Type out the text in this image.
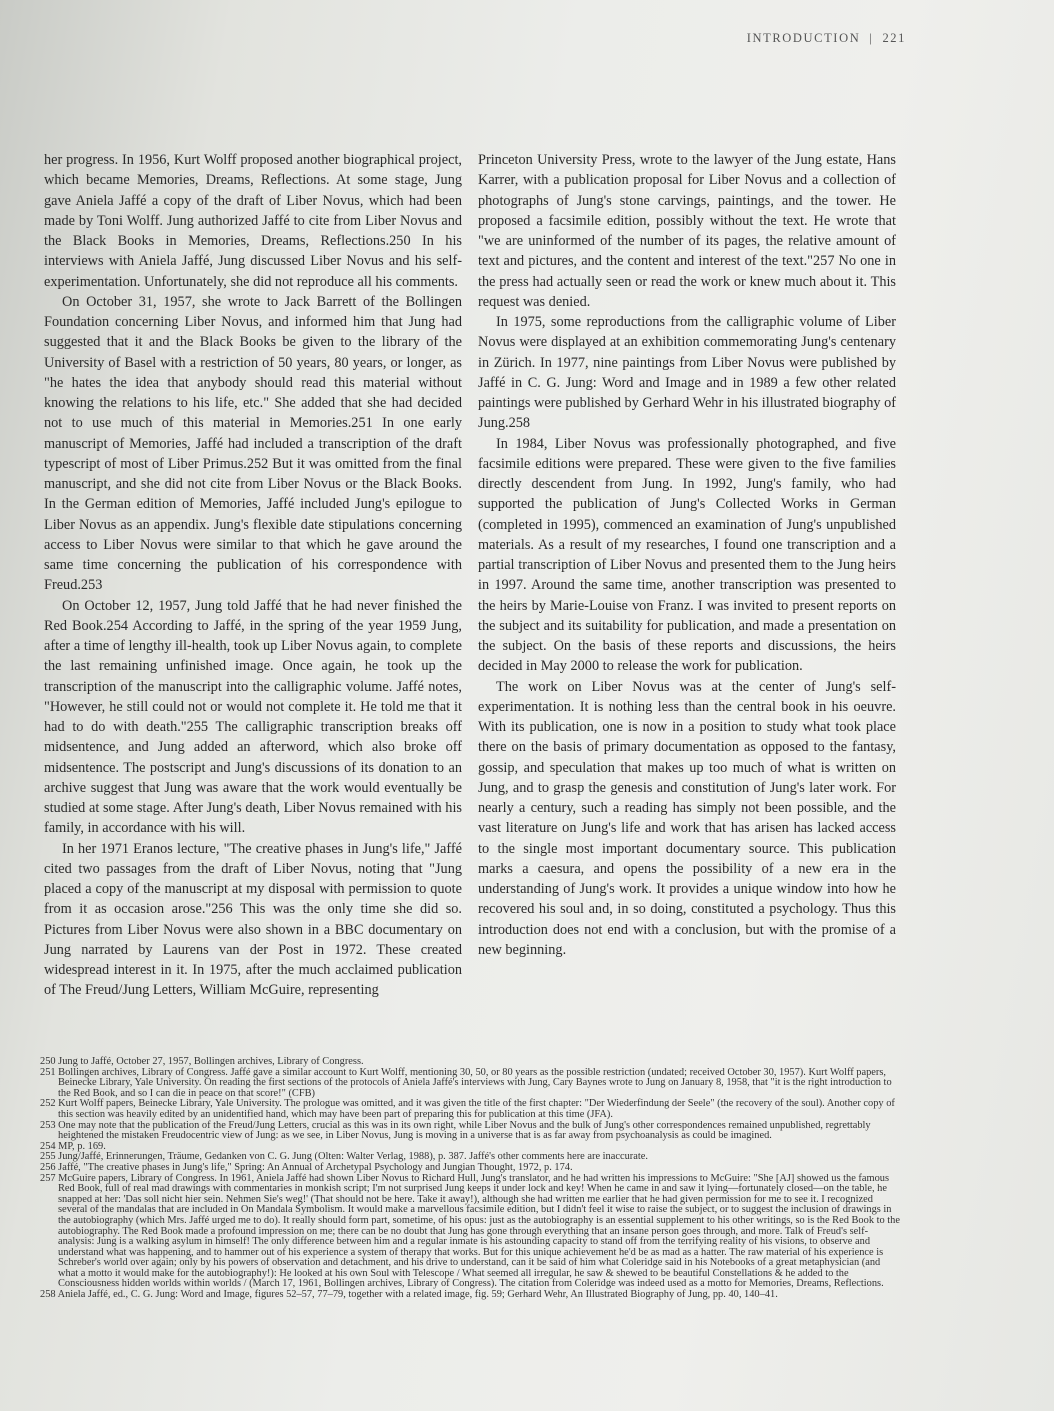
INTRODUCTION | 221

her progress. In 1956, Kurt Wolff proposed another biographical project, which became Memories, Dreams, Reflections. At some stage, Jung gave Aniela Jaffé a copy of the draft of Liber Novus, which had been made by Toni Wolff. Jung authorized Jaffé to cite from Liber Novus and the Black Books in Memories, Dreams, Reflections.250 In his interviews with Aniela Jaffé, Jung discussed Liber Novus and his self-experimentation. Unfortunately, she did not reproduce all his comments.

On October 31, 1957, she wrote to Jack Barrett of the Bollingen Foundation concerning Liber Novus, and informed him that Jung had suggested that it and the Black Books be given to the library of the University of Basel with a restriction of 50 years, 80 years, or longer, as "he hates the idea that anybody should read this material without knowing the relations to his life, etc." She added that she had decided not to use much of this material in Memories.251 In one early manuscript of Memories, Jaffé had included a transcription of the draft typescript of most of Liber Primus.252 But it was omitted from the final manuscript, and she did not cite from Liber Novus or the Black Books. In the German edition of Memories, Jaffé included Jung's epilogue to Liber Novus as an appendix. Jung's flexible date stipulations concerning access to Liber Novus were similar to that which he gave around the same time concerning the publication of his correspondence with Freud.253

On October 12, 1957, Jung told Jaffé that he had never finished the Red Book.254 According to Jaffé, in the spring of the year 1959 Jung, after a time of lengthy ill-health, took up Liber Novus again, to complete the last remaining unfinished image. Once again, he took up the transcription of the manuscript into the calligraphic volume. Jaffé notes, "However, he still could not or would not complete it. He told me that it had to do with death."255 The calligraphic transcription breaks off midsentence, and Jung added an afterword, which also broke off midsentence. The postscript and Jung's discussions of its donation to an archive suggest that Jung was aware that the work would eventually be studied at some stage. After Jung's death, Liber Novus remained with his family, in accordance with his will.

In her 1971 Eranos lecture, "The creative phases in Jung's life," Jaffé cited two passages from the draft of Liber Novus, noting that "Jung placed a copy of the manuscript at my disposal with permission to quote from it as occasion arose."256 This was the only time she did so. Pictures from Liber Novus were also shown in a BBC documentary on Jung narrated by Laurens van der Post in 1972. These created widespread interest in it. In 1975, after the much acclaimed publication of The Freud/Jung Letters, William McGuire, representing

Princeton University Press, wrote to the lawyer of the Jung estate, Hans Karrer, with a publication proposal for Liber Novus and a collection of photographs of Jung's stone carvings, paintings, and the tower. He proposed a facsimile edition, possibly without the text. He wrote that "we are uninformed of the number of its pages, the relative amount of text and pictures, and the content and interest of the text."257 No one in the press had actually seen or read the work or knew much about it. This request was denied.

In 1975, some reproductions from the calligraphic volume of Liber Novus were displayed at an exhibition commemorating Jung's centenary in Zürich. In 1977, nine paintings from Liber Novus were published by Jaffé in C. G. Jung: Word and Image and in 1989 a few other related paintings were published by Gerhard Wehr in his illustrated biography of Jung.258

In 1984, Liber Novus was professionally photographed, and five facsimile editions were prepared. These were given to the five families directly descendent from Jung. In 1992, Jung's family, who had supported the publication of Jung's Collected Works in German (completed in 1995), commenced an examination of Jung's unpublished materials. As a result of my researches, I found one transcription and a partial transcription of Liber Novus and presented them to the Jung heirs in 1997. Around the same time, another transcription was presented to the heirs by Marie-Louise von Franz. I was invited to present reports on the subject and its suitability for publication, and made a presentation on the subject. On the basis of these reports and discussions, the heirs decided in May 2000 to release the work for publication.

The work on Liber Novus was at the center of Jung's self-experimentation. It is nothing less than the central book in his oeuvre. With its publication, one is now in a position to study what took place there on the basis of primary documentation as opposed to the fantasy, gossip, and speculation that makes up too much of what is written on Jung, and to grasp the genesis and constitution of Jung's later work. For nearly a century, such a reading has simply not been possible, and the vast literature on Jung's life and work that has arisen has lacked access to the single most important documentary source. This publication marks a caesura, and opens the possibility of a new era in the understanding of Jung's work. It provides a unique window into how he recovered his soul and, in so doing, constituted a psychology. Thus this introduction does not end with a conclusion, but with the promise of a new beginning.

250 Jung to Jaffé, October 27, 1957, Bollingen archives, Library of Congress.

251 Bollingen archives, Library of Congress. Jaffé gave a similar account to Kurt Wolff, mentioning 30, 50, or 80 years as the possible restriction (undated; received October 30, 1957). Kurt Wolff papers, Beinecke Library, Yale University. On reading the first sections of the protocols of Aniela Jaffé's interviews with Jung, Cary Baynes wrote to Jung on January 8, 1958, that "it is the right introduction to the Red Book, and so I can die in peace on that score!" (CFB)

252 Kurt Wolff papers, Beinecke Library, Yale University. The prologue was omitted, and it was given the title of the first chapter: "Der Wiederfindung der Seele" (the recovery of the soul). Another copy of this section was heavily edited by an unidentified hand, which may have been part of preparing this for publication at this time (JFA).

253 One may note that the publication of the Freud/Jung Letters, crucial as this was in its own right, while Liber Novus and the bulk of Jung's other correspondences remained unpublished, regrettably heightened the mistaken Freudocentric view of Jung: as we see, in Liber Novus, Jung is moving in a universe that is as far away from psychoanalysis as could be imagined.

254 MP, p. 169.

255 Jung/Jaffé, Erinnerungen, Träume, Gedanken von C. G. Jung (Olten: Walter Verlag, 1988), p. 387. Jaffé's other comments here are inaccurate.

256 Jaffé, "The creative phases in Jung's life," Spring: An Annual of Archetypal Psychology and Jungian Thought, 1972, p. 174.

257 McGuire papers, Library of Congress. In 1961, Aniela Jaffé had shown Liber Novus to Richard Hull, Jung's translator, and he had written his impressions to McGuire: "She [AJ] showed us the famous Red Book, full of real mad drawings with commentaries in monkish script; I'm not surprised Jung keeps it under lock and key! When he came in and saw it lying—fortunately closed—on the table, he snapped at her: 'Das soll nicht hier sein. Nehmen Sie's weg!' (That should not be here. Take it away!), although she had written me earlier that he had given permission for me to see it. I recognized several of the mandalas that are included in On Mandala Symbolism. It would make a marvellous facsimile edition, but I didn't feel it wise to raise the subject, or to suggest the inclusion of drawings in the autobiography (which Mrs. Jaffé urged me to do). It really should form part, sometime, of his opus: just as the autobiography is an essential supplement to his other writings, so is the Red Book to the autobiography. The Red Book made a profound impression on me; there can be no doubt that Jung has gone through everything that an insane person goes through, and more. Talk of Freud's self-analysis: Jung is a walking asylum in himself! The only difference between him and a regular inmate is his astounding capacity to stand off from the terrifying reality of his visions, to observe and understand what was happening, and to hammer out of his experience a system of therapy that works. But for this unique achievement he'd be as mad as a hatter. The raw material of his experience is Schreber's world over again; only by his powers of observation and detachment, and his drive to understand, can it be said of him what Coleridge said in his Notebooks of a great metaphysician (and what a motto it would make for the autobiography!): He looked at his own Soul with Telescope / What seemed all irregular, he saw & shewed to be beautiful Constellations & he added to the Consciousness hidden worlds within worlds / (March 17, 1961, Bollingen archives, Library of Congress). The citation from Coleridge was indeed used as a motto for Memories, Dreams, Reflections.

258 Aniela Jaffé, ed., C. G. Jung: Word and Image, figures 52–57, 77–79, together with a related image, fig. 59; Gerhard Wehr, An Illustrated Biography of Jung, pp. 40, 140–41.
